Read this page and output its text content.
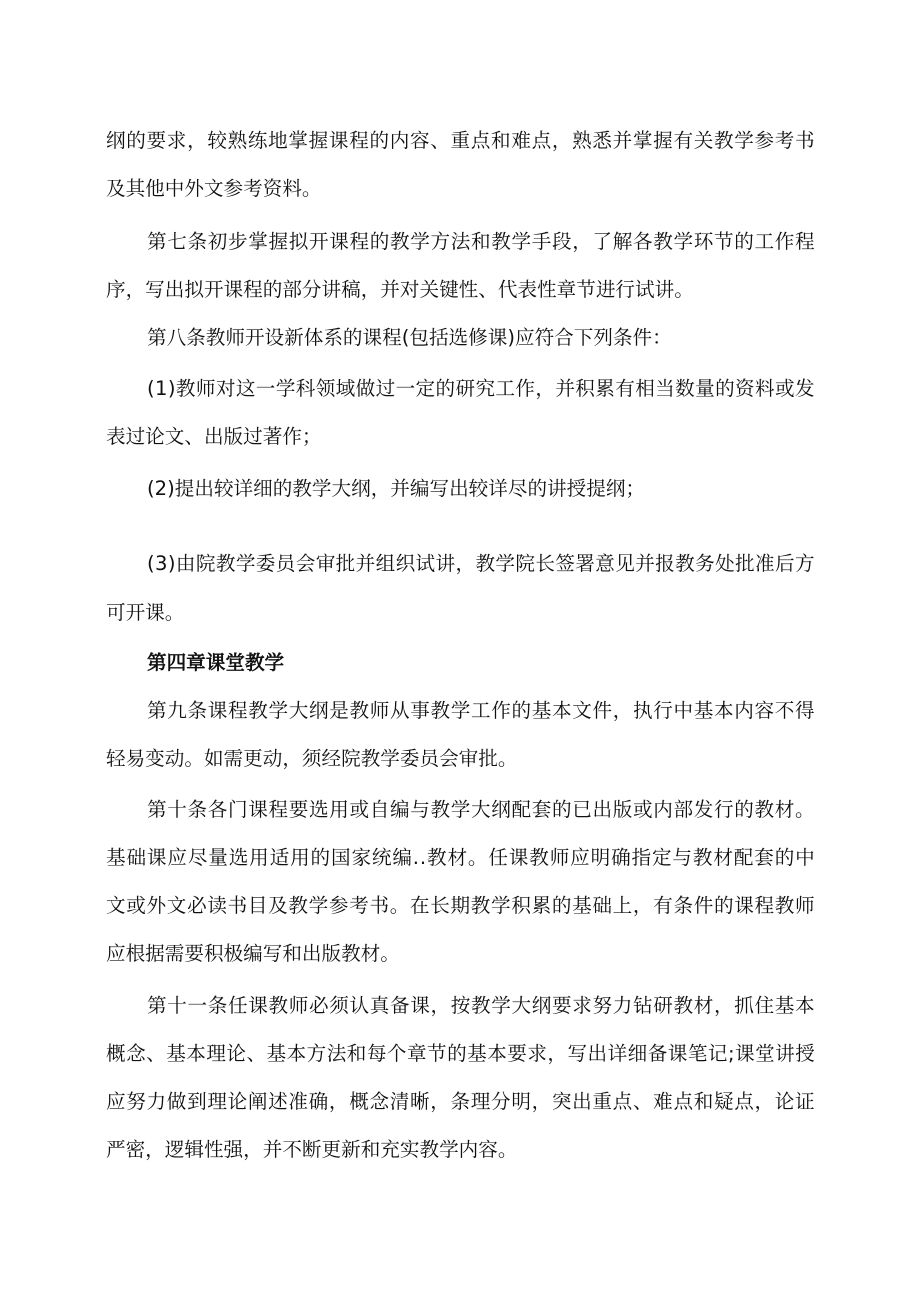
纲 的 要 求 ， 较 熟 练 地 掌 握 课 程 的 内 容 、 重 点 和 难 点 ， 熟 悉 并 掌 握 有 关 教 学 参 考 书
及其他中外文参考资料。
第 七 条 初 步 掌 握 拟 开 课 程 的 教 学 方 法 和 教 学 手 段 ， 了 解 各 教 学 环 节 的 工 作 程
序，写出拟开课程的部分讲稿，并对关键性、代表性章节进行试讲。
第八条教师开设新体系的课程(包括选修课)应符合下列条件：
( 1 ) 教 师 对 这 一 学 科 领 域 做 过 一 定 的 研 究 工 作 ， 并 积 累 有 相 当 数 量 的 资 料 或 发
表过论文、出版过著作；
(2)提出较详细的教学大纲，并编写出较详尽的讲授提纲；
( 3 ) 由 院 教 学 委 员 会 审 批 并 组 织 试 讲 ， 教 学 院 长 签 署 意 见 并 报 教 务 处 批 准 后 方
可开课。
第四章课堂教学
第 九 条 课 程 教 学 大 纲 是 教 师 从 事 教 学 工 作 的 基 本 文 件 ， 执 行 中 基 本 内 容 不 得
轻易变动。如需更动，须经院教学委员会审批。
第 十 条 各 门 课 程 要 选 用 或 自 编 与 教 学 大 纲 配 套 的 已 出 版 或 内 部 发 行 的 教 材 。
基 础 课 应 尽 量 选 用 适 用 的 国 家 统 编 . . 教 材 。 任 课 教 师 应 明 确 指 定 与 教 材 配 套 的 中
文 或 外 文 必 读 书 目 及 教 学 参 考 书 。 在 长 期 教 学 积 累 的 基 础 上 ， 有 条 件 的 课 程 教 师
应根据需要积极编写和出版教材。
第 十 一 条 任 课 教 师 必 须 认 真 备 课 ， 按 教 学 大 纲 要 求 努 力 钻 研 教 材 ， 抓 住 基 本
概 念 、 基 本 理 论 、 基 本 方 法 和 每 个 章 节 的 基 本 要 求 ， 写 出 详 细 备 课 笔 记 ; 课 堂 讲 授
应 努 力 做 到 理 论 阐 述 准 确 ， 概 念 清 晰 ， 条 理 分 明 ， 突 出 重 点 、 难 点 和 疑 点 ， 论 证
严密，逻辑性强，并不断更新和充实教学内容。
